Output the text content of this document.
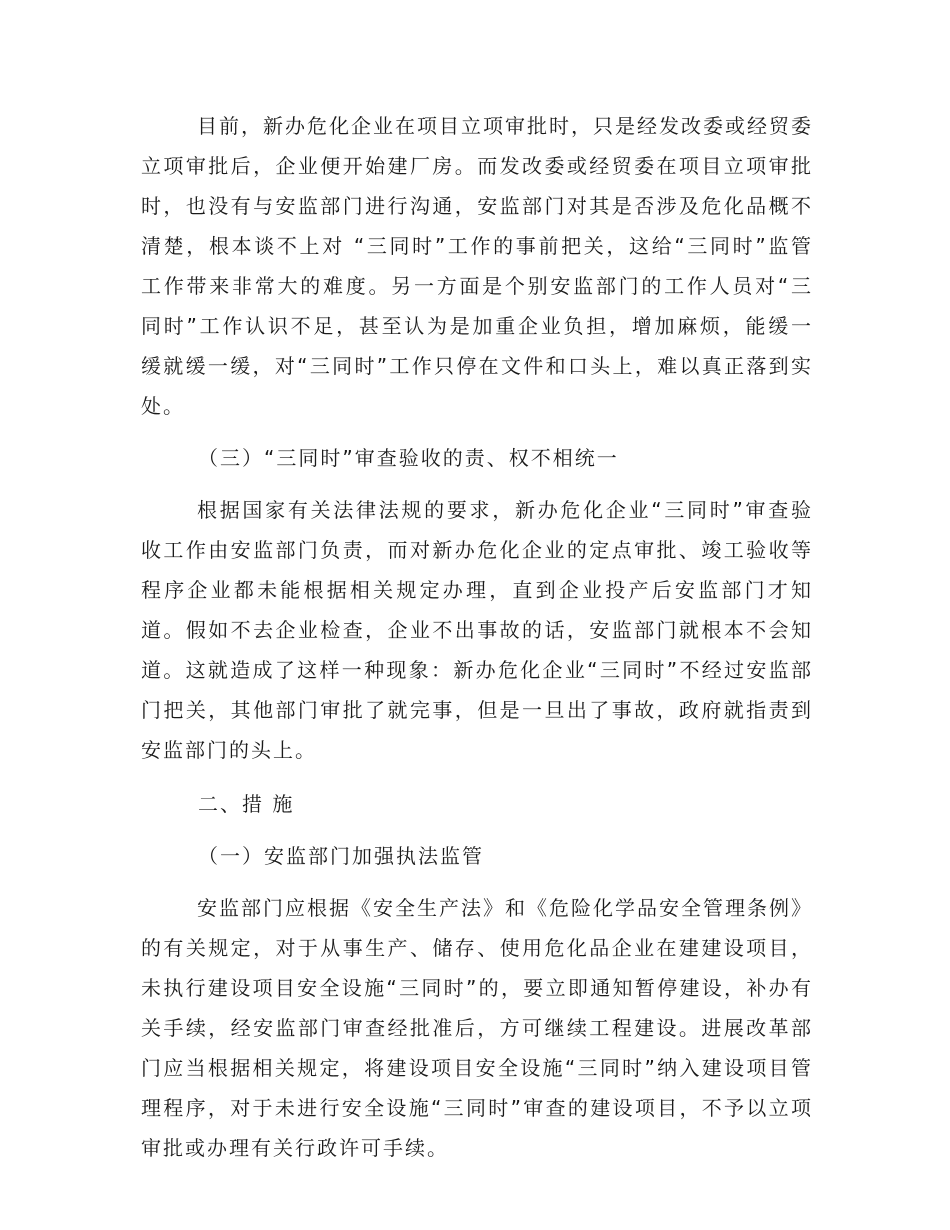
目前，新办危化企业在项目立项审批时，只是经发改委或经贸委立项审批后，企业便开始建厂房。而发改委或经贸委在项目立项审批时，也没有与安监部门进行沟通，安监部门对其是否涉及危化品概不清楚，根本谈不上对 “三同时”工作的事前把关，这给“三同时”监管工作带来非常大的难度。另一方面是个别安监部门的工作人员对“三同时”工作认识不足，甚至认为是加重企业负担，增加麻烦，能缓一缓就缓一缓，对“三同时”工作只停在文件和口头上，难以真正落到实处。

（三）“三同时”审查验收的责、权不相统一

根据国家有关法律法规的要求，新办危化企业“三同时”审查验收工作由安监部门负责，而对新办危化企业的定点审批、竣工验收等程序企业都未能根据相关规定办理，直到企业投产后安监部门才知道。假如不去企业检查，企业不出事故的话，安监部门就根本不会知道。这就造成了这样一种现象：新办危化企业“三同时”不经过安监部门把关，其他部门审批了就完事，但是一旦出了事故，政府就指责到安监部门的头上。

二、措 施

（一）安监部门加强执法监管

安监部门应根据《安全生产法》和《危险化学品安全管理条例》的有关规定，对于从事生产、储存、使用危化品企业在建建设项目，未执行建设项目安全设施“三同时”的，要立即通知暂停建设，补办有关手续，经安监部门审查经批准后，方可继续工程建设。进展改革部门应当根据相关规定，将建设项目安全设施“三同时”纳入建设项目管理程序，对于未进行安全设施“三同时”审查的建设项目，不予以立项审批或办理有关行政许可手续。
